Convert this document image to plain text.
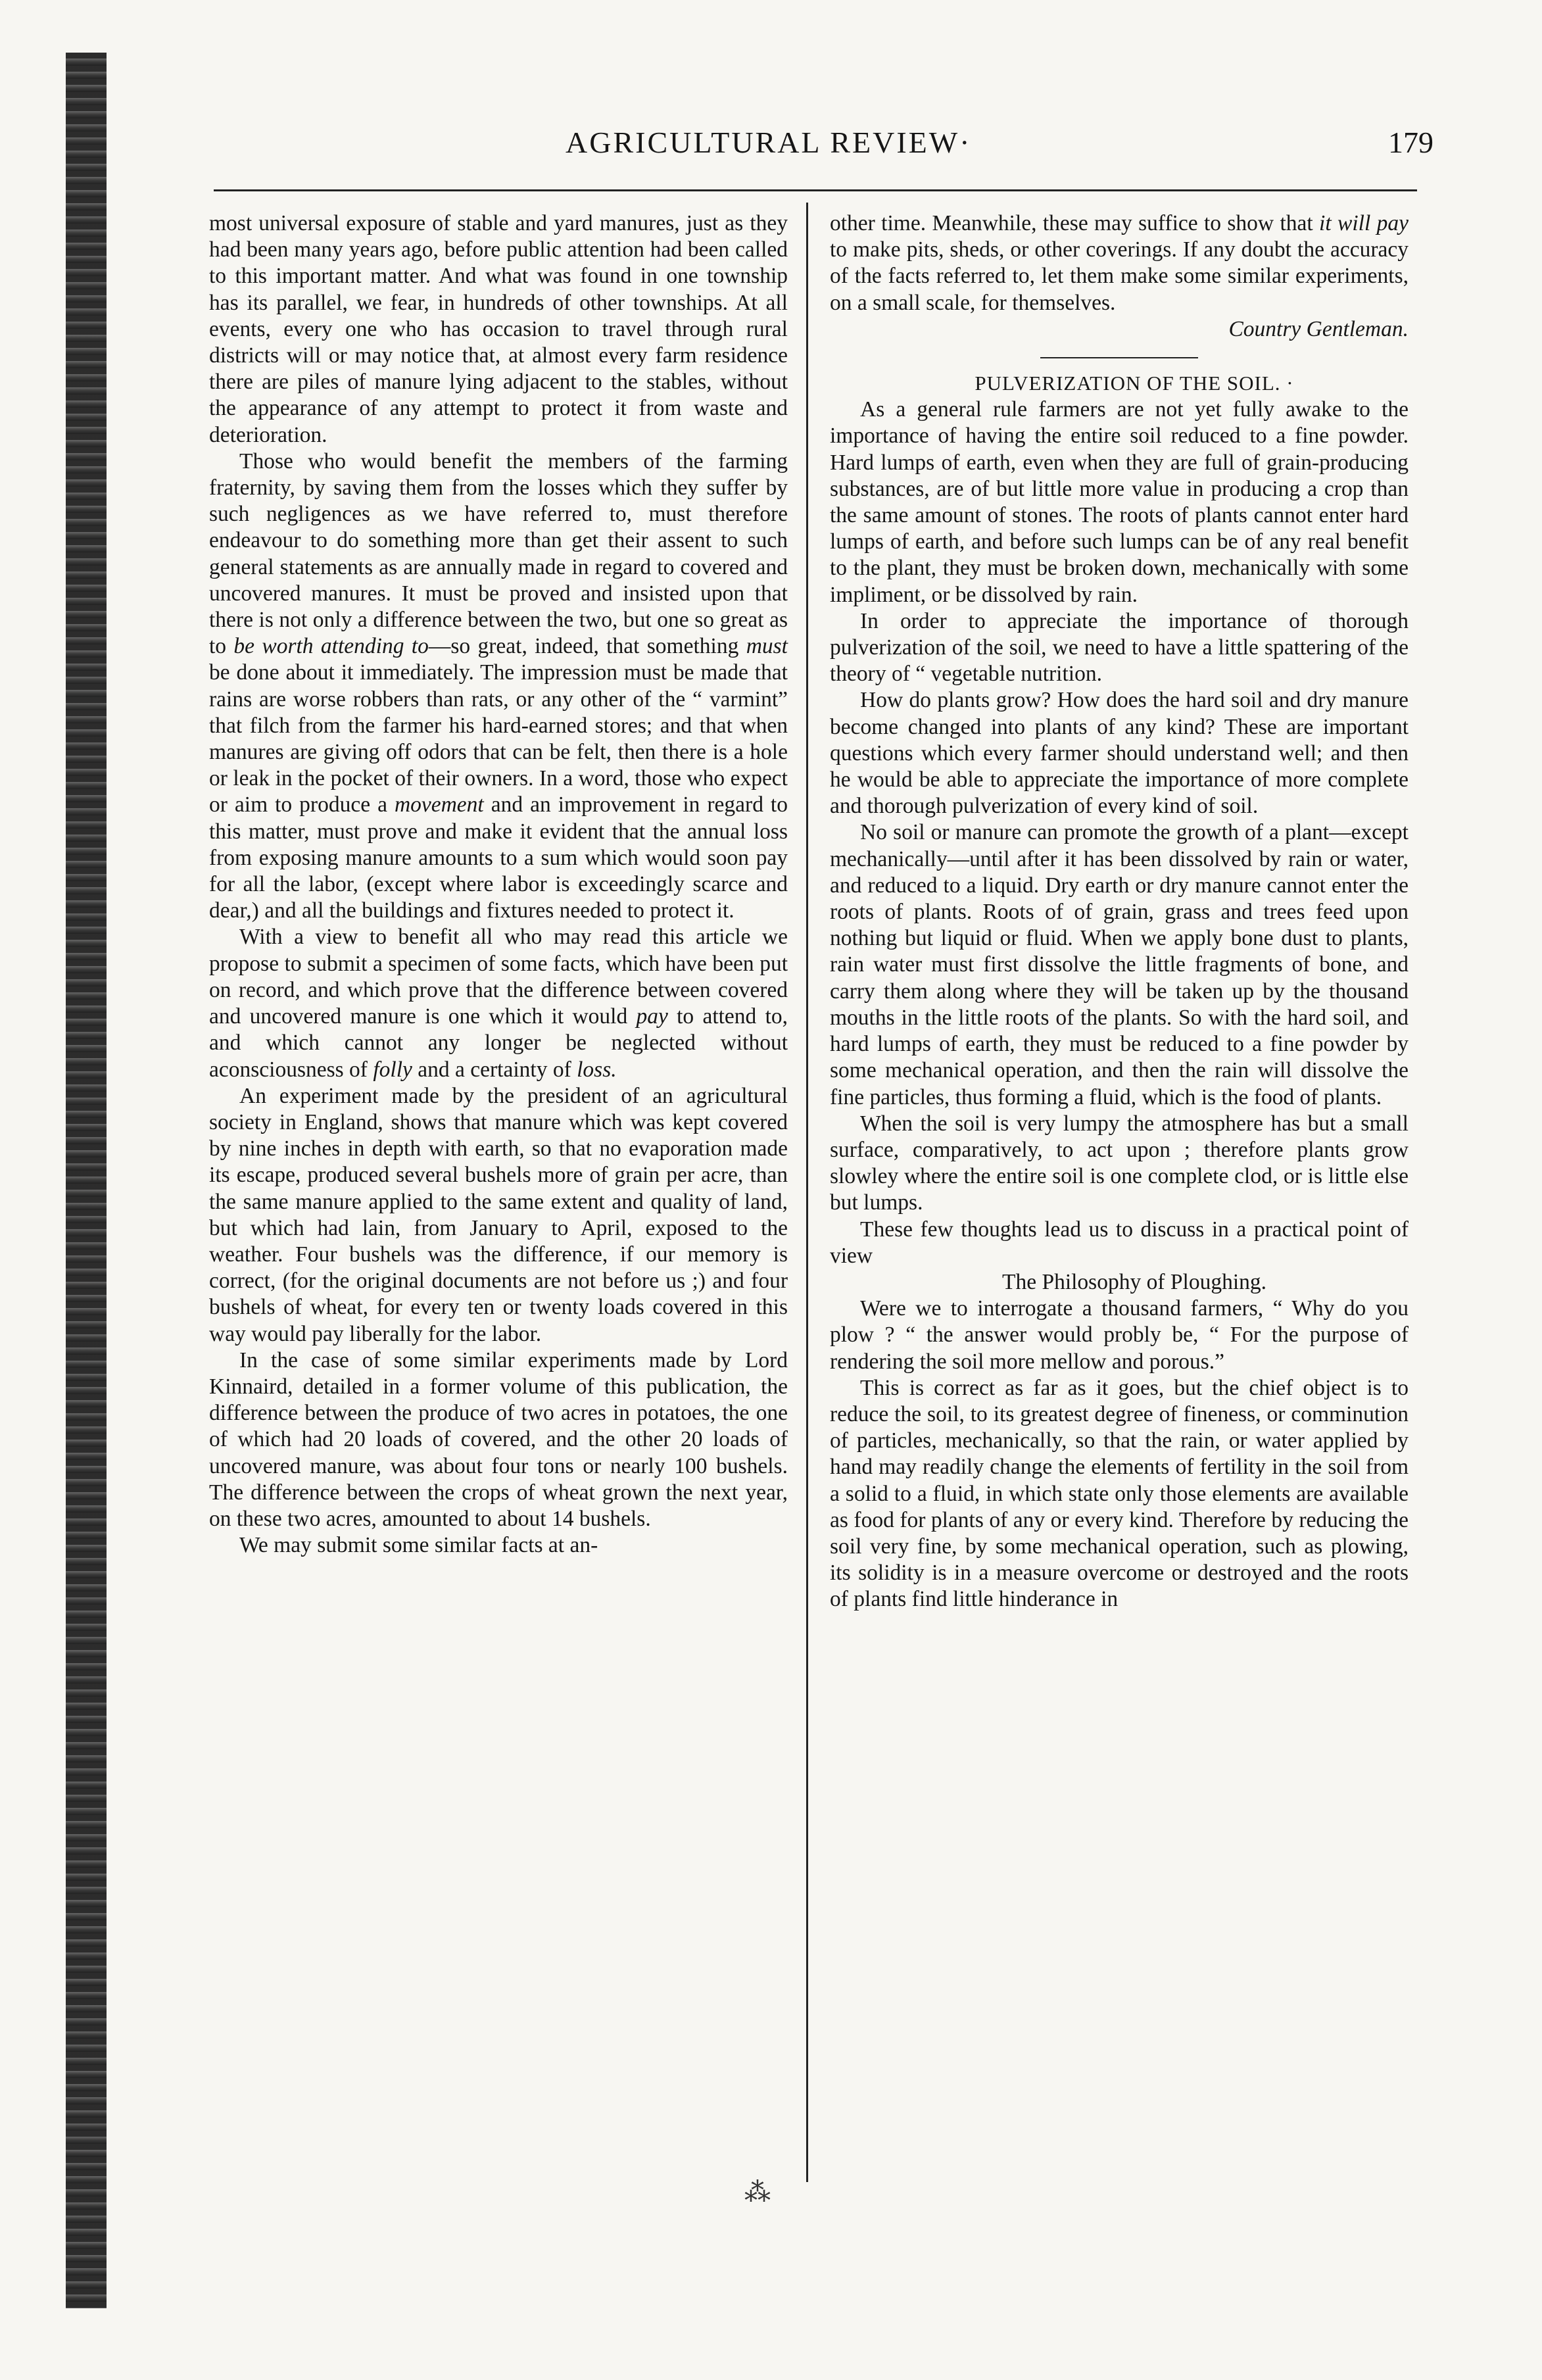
AGRICULTURAL REVIEW·	179

most universal exposure of stable and yard manures, just as they had been many years ago, before public attention had been called to this important matter. And what was found in one township has its parallel, we fear, in hundreds of other townships. At all events, every one who has occasion to travel through rural districts will or may notice that, at almost every farm residence there are piles of manure lying adjacent to the stables, without the appearance of any attempt to protect it from waste and deterioration.

Those who would benefit the members of the farming fraternity, by saving them from the losses which they suffer by such negligences as we have referred to, must therefore endeavour to do something more than get their assent to such general statements as are annually made in regard to covered and uncovered manures. It must be proved and insisted upon that there is not only a difference between the two, but one so great as to be worth attending to—so great, indeed, that something must be done about it immediately. The impression must be made that rains are worse robbers than rats, or any other of the “ varmint” that filch from the farmer his hard-earned stores; and that when manures are giving off odors that can be felt, then there is a hole or leak in the pocket of their owners. In a word, those who expect or aim to produce a movement and an improvement in regard to this matter, must prove and make it evident that the annual loss from exposing manure amounts to a sum which would soon pay for all the labor, (except where labor is exceedingly scarce and dear,) and all the buildings and fixtures needed to protect it.

With a view to benefit all who may read this article we propose to submit a specimen of some facts, which have been put on record, and which prove that the difference between covered and uncovered manure is one which it would pay to attend to, and which cannot any longer be neglected without aconsciousness of folly and a certainty of loss.

An experiment made by the president of an agricultural society in England, shows that manure which was kept covered by nine inches in depth with earth, so that no evaporation made its escape, produced several bushels more of grain per acre, than the same manure applied to the same extent and quality of land, but which had lain, from January to April, exposed to the weather. Four bushels was the difference, if our memory is correct, (for the original documents are not before us ;) and four bushels of wheat, for every ten or twenty loads covered in this way would pay liberally for the labor.

In the case of some similar experiments made by Lord Kinnaird, detailed in a former volume of this publication, the difference between the produce of two acres in potatoes, the one of which had 20 loads of covered, and the other 20 loads of uncovered manure, was about four tons or nearly 100 bushels. The difference between the crops of wheat grown the next year, on these two acres, amounted to about 14 bushels.

We may submit some similar facts at an-

other time. Meanwhile, these may suffice to show that it will pay to make pits, sheds, or other coverings. If any doubt the accuracy of the facts referred to, let them make some similar experiments, on a small scale, for themselves.

Country Gentleman.

PULVERIZATION OF THE SOIL. ·

As a general rule farmers are not yet fully awake to the importance of having the entire soil reduced to a fine powder. Hard lumps of earth, even when they are full of grain-producing substances, are of but little more value in producing a crop than the same amount of stones. The roots of plants cannot enter hard lumps of earth, and before such lumps can be of any real benefit to the plant, they must be broken down, mechanically with some impliment, or be dissolved by rain.

In order to appreciate the importance of thorough pulverization of the soil, we need to have a little spattering of the theory of “ vegetable nutrition.

How do plants grow? How does the hard soil and dry manure become changed into plants of any kind? These are important questions which every farmer should understand well; and then he would be able to appreciate the importance of more complete and thorough pulverization of every kind of soil.

No soil or manure can promote the growth of a plant—except mechanically—until after it has been dissolved by rain or water, and reduced to a liquid. Dry earth or dry manure cannot enter the roots of plants. Roots of of grain, grass and trees feed upon nothing but liquid or fluid. When we apply bone dust to plants, rain water must first dissolve the little fragments of bone, and carry them along where they will be taken up by the thousand mouths in the little roots of the plants. So with the hard soil, and hard lumps of earth, they must be reduced to a fine powder by some mechanical operation, and then the rain will dissolve the fine particles, thus forming a fluid, which is the food of plants.

When the soil is very lumpy the atmosphere has but a small surface, comparatively, to act upon ; therefore plants grow slowley where the entire soil is one complete clod, or is little else but lumps.

These few thoughts lead us to discuss in a practical point of view

The Philosophy of Ploughing.

Were we to interrogate a thousand farmers, “ Why do you plow ? “ the answer would probly be, “ For the purpose of rendering the soil more mellow and porous.”

This is correct as far as it goes, but the chief object is to reduce the soil, to its greatest degree of fineness, or comminution of particles, mechanically, so that the rain, or water applied by hand may readily change the elements of fertility in the soil from a solid to a fluid, in which state only those elements are available as food for plants of any or every kind. Therefore by reducing the soil very fine, by some mechanical operation, such as plowing, its solidity is in a measure overcome or destroyed and the roots of plants find little hinderance in

⁂
